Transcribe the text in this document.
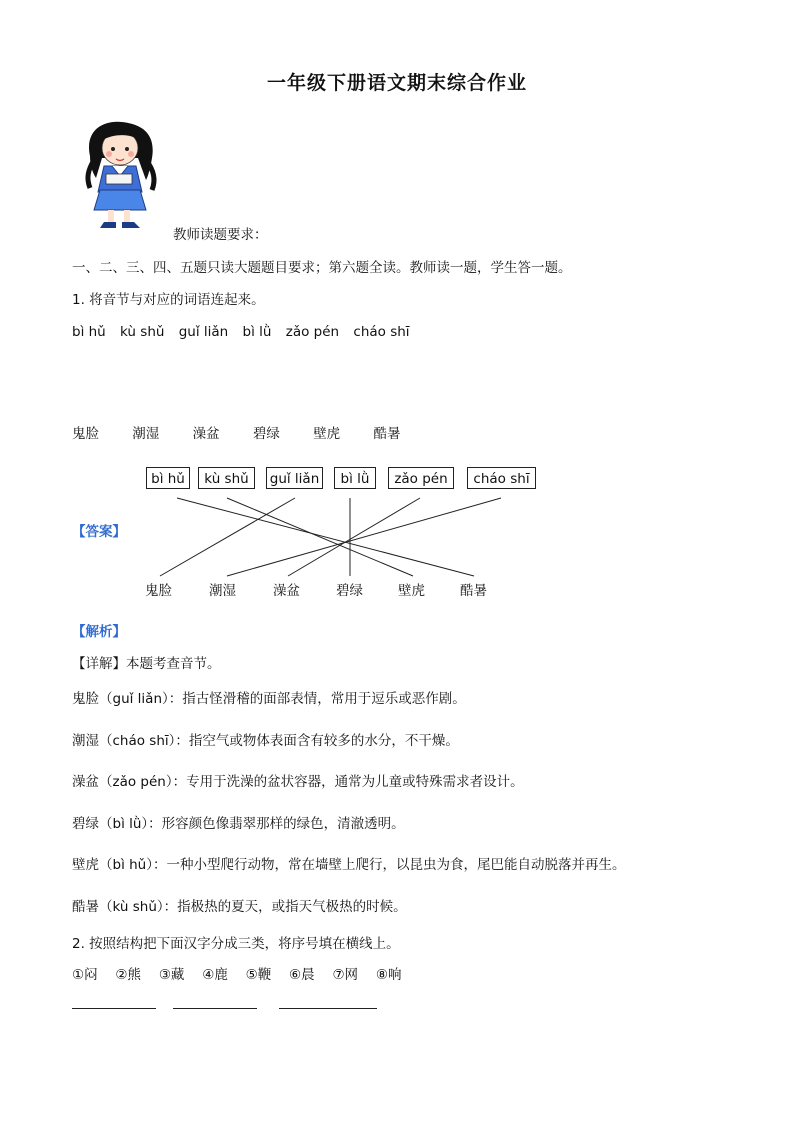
一年级下册语文期末综合作业
教师读题要求：
一、二、三、四、五题只读大题题目要求；第六题全读。教师读一题，学生答一题。
1. 将音节与对应的词语连起来。
bì hǔ kù shǔ guǐ liǎn bì lǜ zǎo pén cháo shī
鬼脸 潮湿 澡盆 碧绿 壁虎 酷暑
bì hǔ	kù shǔ	guǐ liǎn	bì lǜ	zǎo pén	cháo shī
【答案】
鬼脸	潮湿	澡盆	碧绿	壁虎	酷暑
【解析】
【详解】本题考查音节。
鬼脸（guǐ liǎn）：指古怪滑稽的面部表情，常用于逗乐或恶作剧。
潮湿（cháo shī）：指空气或物体表面含有较多的水分，不干燥。
澡盆（zǎo pén）：专用于洗澡的盆状容器，通常为儿童或特殊需求者设计。
碧绿（bì lǜ）：形容颜色像翡翠那样的绿色，清澈透明。
壁虎（bì hǔ）：一种小型爬行动物，常在墙壁上爬行，以昆虫为食，尾巴能自动脱落并再生。
酷暑（kù shǔ）：指极热的夏天，或指天气极热的时候。
2. 按照结构把下面汉字分成三类，将序号填在横线上。
①闷  ②熊  ③藏  ④鹿  ⑤鞭  ⑥晨  ⑦网  ⑧响
